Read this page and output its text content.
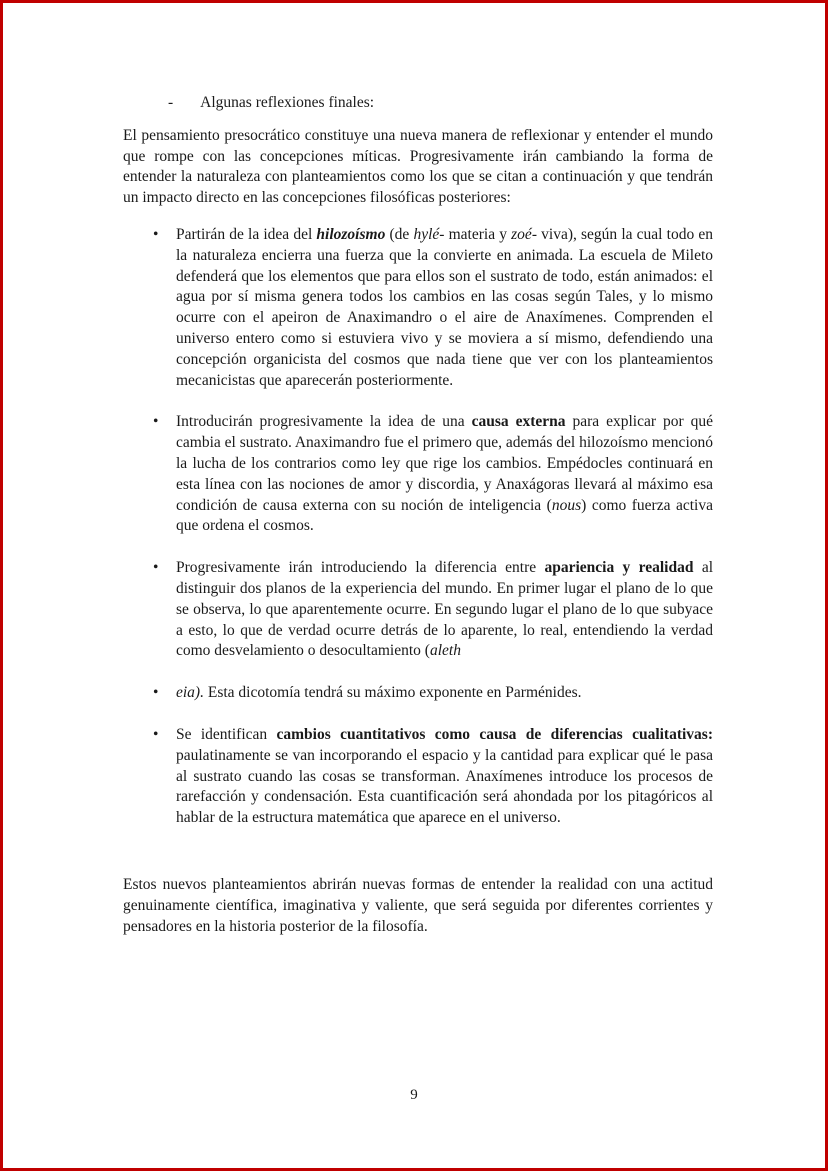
- Algunas reflexiones finales:

El pensamiento presocrático constituye una nueva manera de reflexionar y entender el mundo que rompe con las concepciones míticas. Progresivamente irán cambiando la forma de entender la naturaleza con planteamientos como los que se citan a continuación y que tendrán un impacto directo en las concepciones filosóficas posteriores:

•	Partirán de la idea del hilozoísmo (de hylé- materia y zoé- viva), según la cual todo en la naturaleza encierra una fuerza que la convierte en animada. La escuela de Mileto defenderá que los elementos que para ellos son el sustrato de todo, están animados: el agua por sí misma genera todos los cambios en las cosas según Tales, y lo mismo ocurre con el apeiron de Anaximandro o el aire de Anaxímenes. Comprenden el universo entero como si estuviera vivo y se moviera a sí mismo, defendiendo una concepción organicista del cosmos que nada tiene que ver con los planteamientos mecanicistas que aparecerán posteriormente.
•	Introducirán progresivamente la idea de una causa externa para explicar por qué cambia el sustrato. Anaximandro fue el primero que, además del hilozoísmo mencionó la lucha de los contrarios como ley que rige los cambios. Empédocles continuará en esta línea con las nociones de amor y discordia, y Anaxágoras llevará al máximo esa condición de causa externa con su noción de inteligencia (nous) como fuerza activa que ordena el cosmos.
•	Progresivamente irán introduciendo la diferencia entre apariencia y realidad al distinguir dos planos de la experiencia del mundo. En primer lugar el plano de lo que se observa, lo que aparentemente ocurre. En segundo lugar el plano de lo que subyace a esto, lo que de verdad ocurre detrás de lo aparente, lo real, entendiendo la verdad como desvelamiento o desocultamiento (aleth
•	eia). Esta dicotomía tendrá su máximo exponente en Parménides.
•	Se identifican cambios cuantitativos como causa de diferencias cualitativas: paulatinamente se van incorporando el espacio y la cantidad para explicar qué le pasa al sustrato cuando las cosas se transforman. Anaxímenes introduce los procesos de rarefacción y condensación. Esta cuantificación será ahondada por los pitagóricos al hablar de la estructura matemática que aparece en el universo.

Estos nuevos planteamientos abrirán nuevas formas de entender la realidad con una actitud genuinamente científica, imaginativa y valiente, que será seguida por diferentes corrientes y pensadores en la historia posterior de la filosofía.

9
